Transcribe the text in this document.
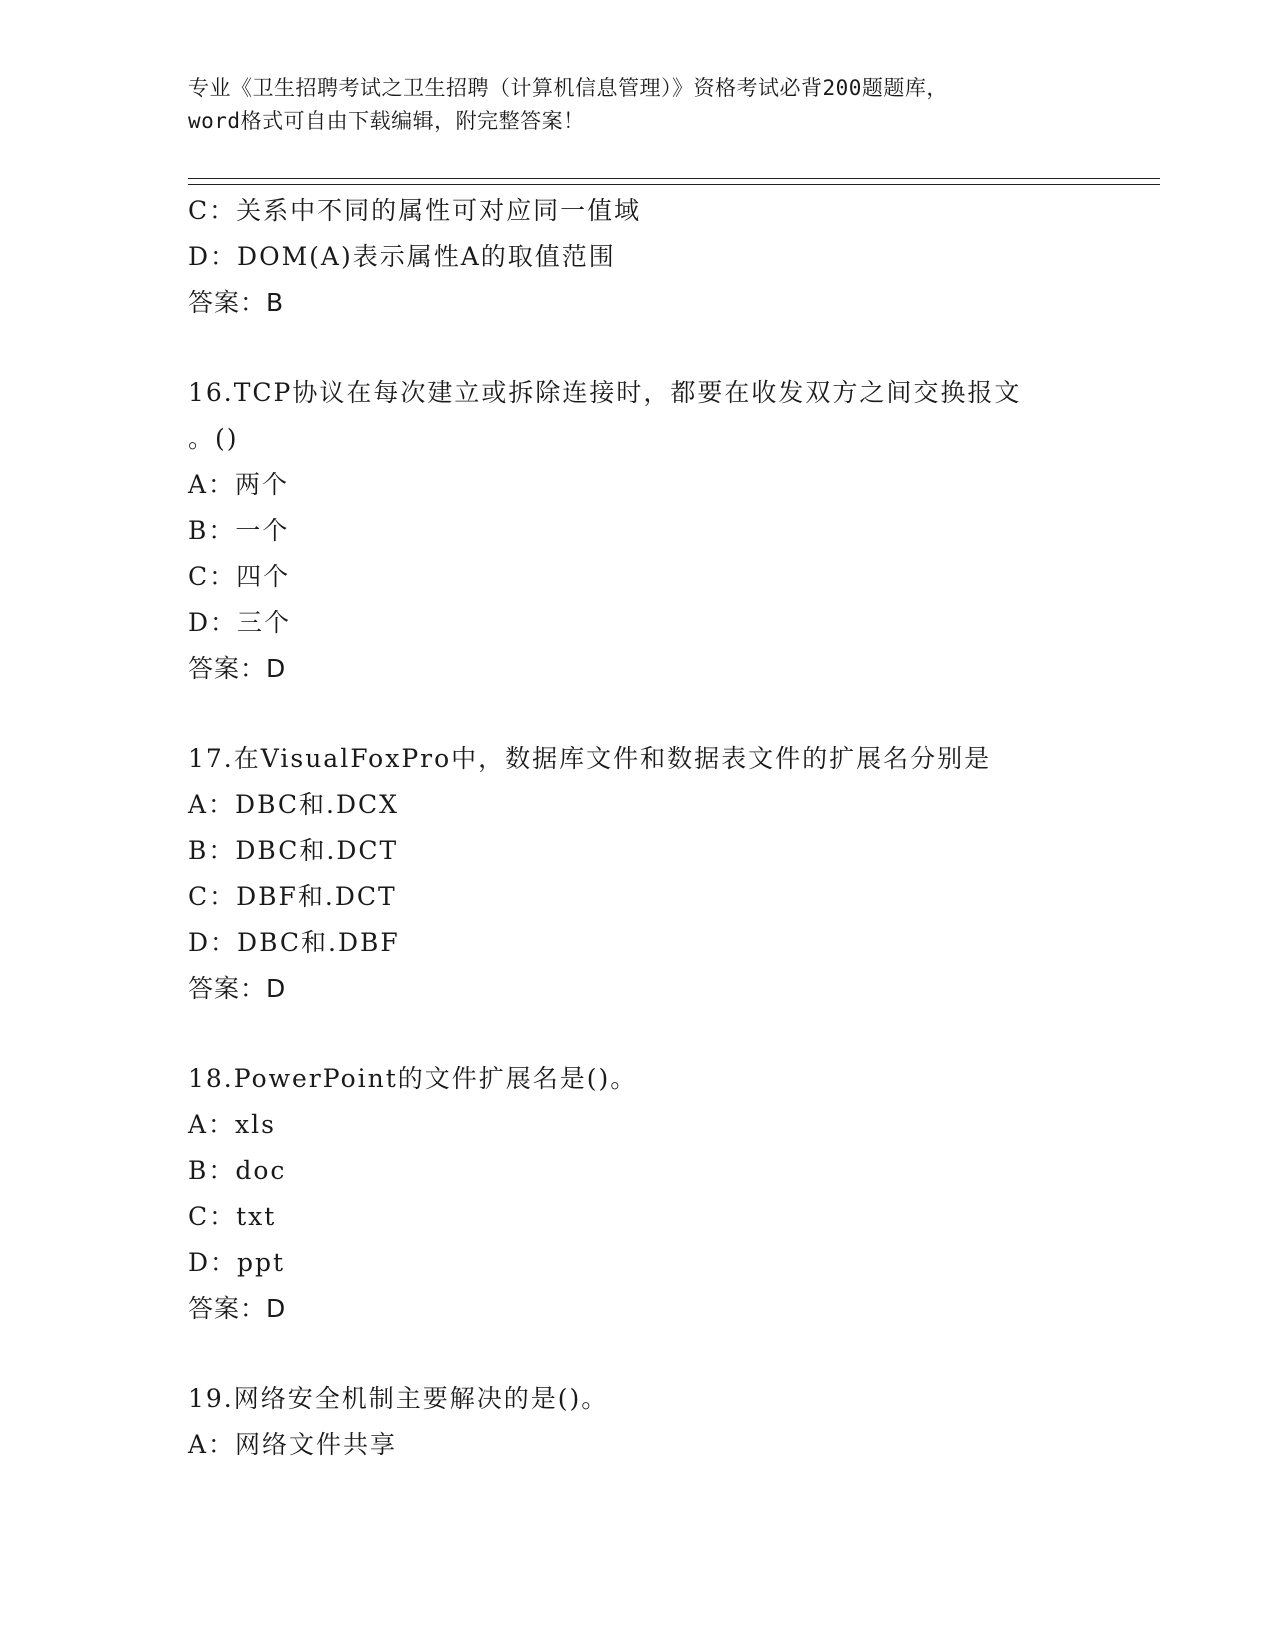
专业《卫生招聘考试之卫生招聘（计算机信息管理）》资格考试必背200题题库，
word格式可自由下载编辑，附完整答案！
C：关系中不同的属性可对应同一值域
D：DOM(A)表示属性A的取值范围
答案：B
16.TCP协议在每次建立或拆除连接时，都要在收发双方之间交换报文
。()
A：两个
B：一个
C：四个
D：三个
答案：D
17.在VisualFoxPro中，数据库文件和数据表文件的扩展名分别是
A：DBC和.DCX
B：DBC和.DCT
C：DBF和.DCT
D：DBC和.DBF
答案：D
18.PowerPoint的文件扩展名是()。
A：xls
B：doc
C：txt
D：ppt
答案：D
19.网络安全机制主要解决的是()。
A：网络文件共享
